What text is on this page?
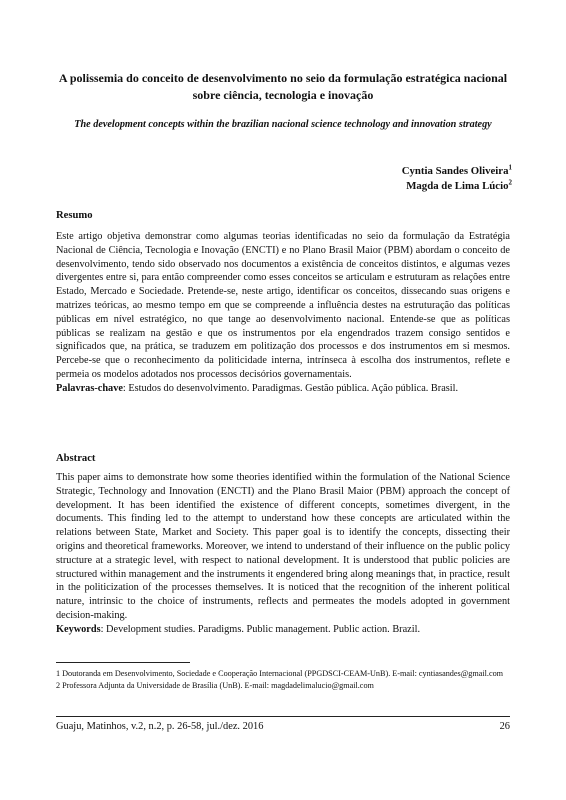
A polissemia do conceito de desenvolvimento no seio da formulação estratégica nacional sobre ciência, tecnologia e inovação
The development concepts within the brazilian nacional science technology and innovation strategy
Cyntia Sandes Oliveira$^1$
Magda de Lima Lúcio$^2$
Resumo

Este artigo objetiva demonstrar como algumas teorias identificadas no seio da formulação da Estratégia Nacional de Ciência, Tecnologia e Inovação (ENCTI) e no Plano Brasil Maior (PBM) abordam o conceito de desenvolvimento, tendo sido observado nos documentos a existência de conceitos distintos, e algumas vezes divergentes entre si, para então compreender como esses conceitos se articulam e estruturam as relações entre Estado, Mercado e Sociedade. Pretende-se, neste artigo, identificar os conceitos, dissecando suas origens e matrizes teóricas, ao mesmo tempo em que se compreende a influência destes na estruturação das políticas públicas em nível estratégico, no que tange ao desenvolvimento nacional. Entende-se que as políticas públicas se realizam na gestão e que os instrumentos por ela engendrados trazem consigo sentidos e significados que, na prática, se traduzem em politização dos processos e dos instrumentos em si mesmos. Percebe-se que o reconhecimento da politicidade interna, intrínseca à escolha dos instrumentos, reflete e permeia os modelos adotados nos processos decisórios governamentais.

Palavras-chave: Estudos do desenvolvimento. Paradigmas. Gestão pública. Ação pública. Brasil.

Abstract

This paper aims to demonstrate how some theories identified within the formulation of the National Science Strategic, Technology and Innovation (ENCTI) and the Plano Brasil Maior (PBM) approach the concept of development. It has been identified the existence of different concepts, sometimes divergent, in the documents. This finding led to the attempt to understand how these concepts are articulated within the relations between State, Market and Society. This paper goal is to identify the concepts, dissecting their origins and theoretical frameworks. Moreover, we intend to understand of their influence on the public policy structure at a strategic level, with respect to national development. It is understood that public policies are structured within management and the instruments it engendered bring along meanings that, in practice, result in the politicization of the processes themselves. It is noticed that the recognition of the inherent political nature, intrinsic to the choice of instruments, reflects and permeates the models adopted in government decision-making.

Keywords: Development studies. Paradigms. Public management. Public action. Brazil.

1 Doutoranda em Desenvolvimento, Sociedade e Cooperação Internacional (PPGDSCI-CEAM-UnB). E-mail: cyntiasandes@gmail.com

2 Professora Adjunta da Universidade de Brasília (UnB). E-mail: magdadelimalucio@gmail.com

Guaju, Matinhos, v.2, n.2, p. 26-58, jul./dez. 2016	26
